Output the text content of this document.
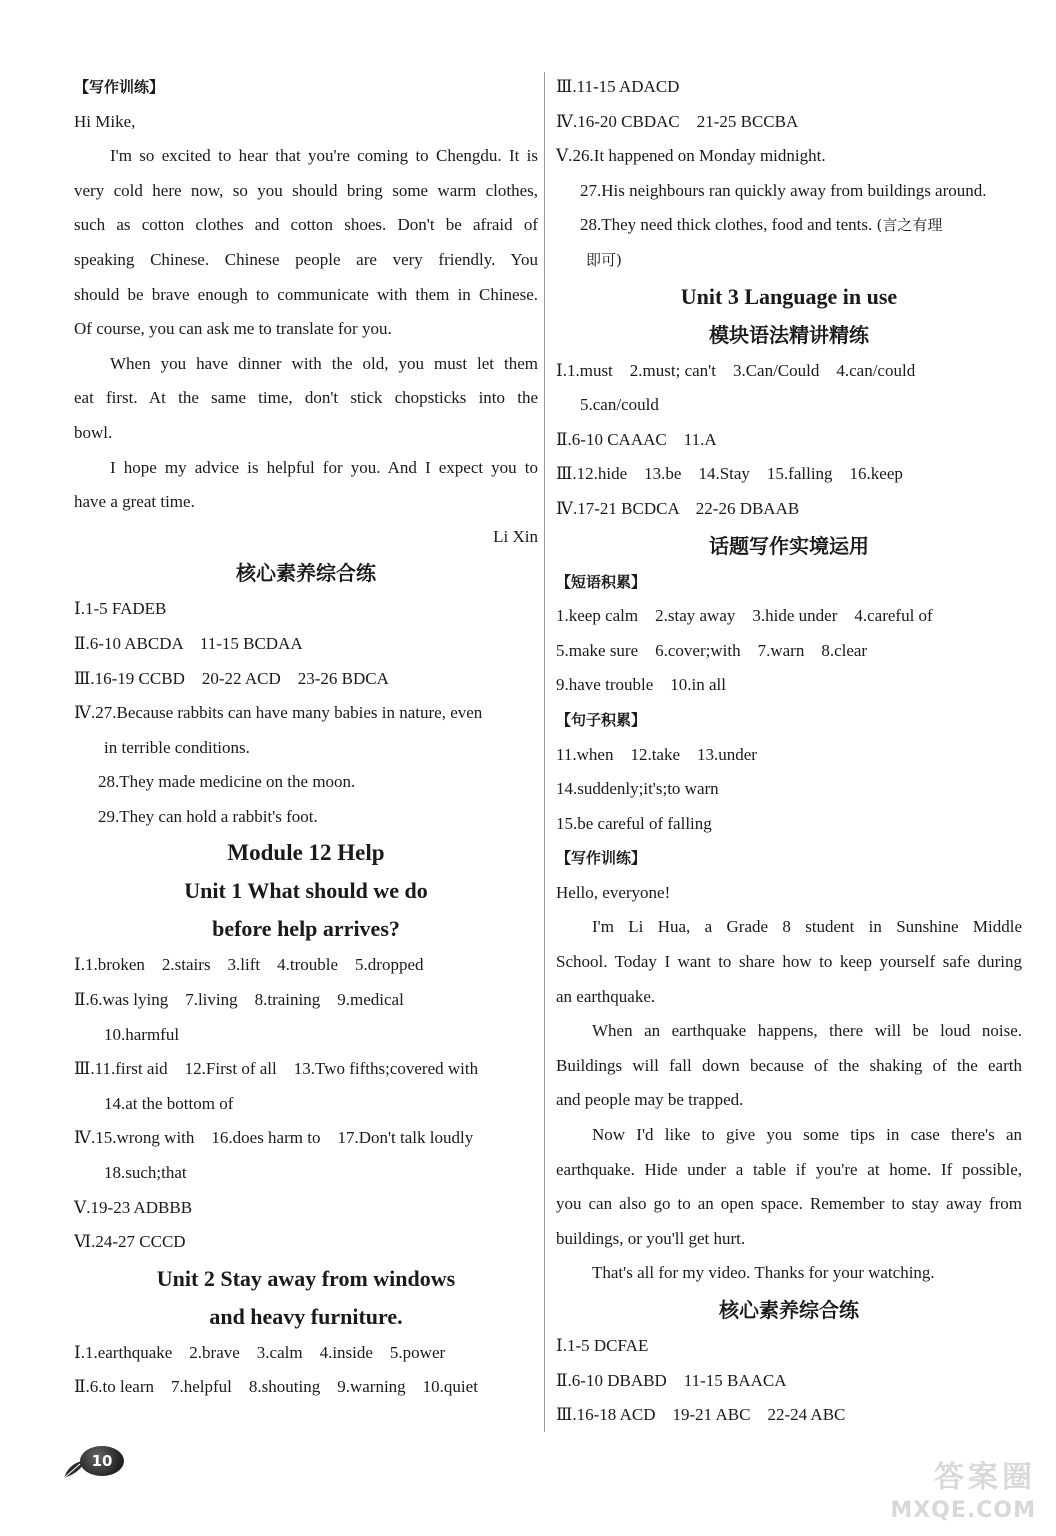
【写作训练】
Hi Mike,
I'm so excited to hear that you're coming to Chengdu. It is
very cold here now, so you should bring some warm clothes,
such as cotton clothes and cotton shoes. Don't be afraid of
speaking Chinese. Chinese people are very friendly. You
should be brave enough to communicate with them in Chinese.
Of course, you can ask me to translate for you.
When you have dinner with the old, you must let them
eat first. At the same time, don't stick chopsticks into the
bowl.
I hope my advice is helpful for you. And I expect you to
have a great time.
Li Xin
核心素养综合练
Ⅰ.1-5 FADEB
Ⅱ.6-10 ABCDA    11-15 BCDAA
Ⅲ.16-19 CCBD    20-22 ACD    23-26 BDCA
Ⅳ.27.Because rabbits can have many babies in nature, even
in terrible conditions.
28.They made medicine on the moon.
29.They can hold a rabbit's foot.
Module 12 Help
Unit 1 What should we do
before help arrives?
Ⅰ.1.broken    2.stairs    3.lift    4.trouble    5.dropped
Ⅱ.6.was lying    7.living    8.training    9.medical
10.harmful
Ⅲ.11.first aid    12.First of all    13.Two fifths;covered with
14.at the bottom of
Ⅳ.15.wrong with    16.does harm to    17.Don't talk loudly
18.such;that
Ⅴ.19-23 ADBBB
Ⅵ.24-27 CCCD
Unit 2 Stay away from windows
and heavy furniture.
Ⅰ.1.earthquake    2.brave    3.calm    4.inside    5.power
Ⅱ.6.to learn    7.helpful    8.shouting    9.warning    10.quiet
Ⅲ.11-15 ADACD
Ⅳ.16-20 CBDAC    21-25 BCCBA
Ⅴ.26.It happened on Monday midnight.
27.His neighbours ran quickly away from buildings around.
28.They need thick clothes, food and tents. (言之有理
即可)
Unit 3 Language in use
模块语法精讲精练
Ⅰ.1.must    2.must; can't    3.Can/Could    4.can/could
5.can/could
Ⅱ.6-10 CAAAC    11.A
Ⅲ.12.hide    13.be    14.Stay    15.falling    16.keep
Ⅳ.17-21 BCDCA    22-26 DBAAB
话题写作实境运用
【短语积累】
1.keep calm    2.stay away    3.hide under    4.careful of
5.make sure    6.cover;with    7.warn    8.clear
9.have trouble    10.in all
【句子积累】
11.when    12.take    13.under
14.suddenly;it's;to warn
15.be careful of falling
【写作训练】
Hello, everyone!
I'm Li Hua, a Grade 8 student in Sunshine Middle
School. Today I want to share how to keep yourself safe during
an earthquake.
When an earthquake happens, there will be loud noise.
Buildings will fall down because of the shaking of the earth
and people may be trapped.
Now I'd like to give you some tips in case there's an
earthquake. Hide under a table if you're at home. If possible,
you can also go to an open space. Remember to stay away from
buildings, or you'll get hurt.
That's all for my video. Thanks for your watching.
核心素养综合练
Ⅰ.1-5 DCFAE
Ⅱ.6-10 DBABD    11-15 BAACA
Ⅲ.16-18 ACD    19-21 ABC    22-24 ABC
10	答案圈
MXQE.COM
